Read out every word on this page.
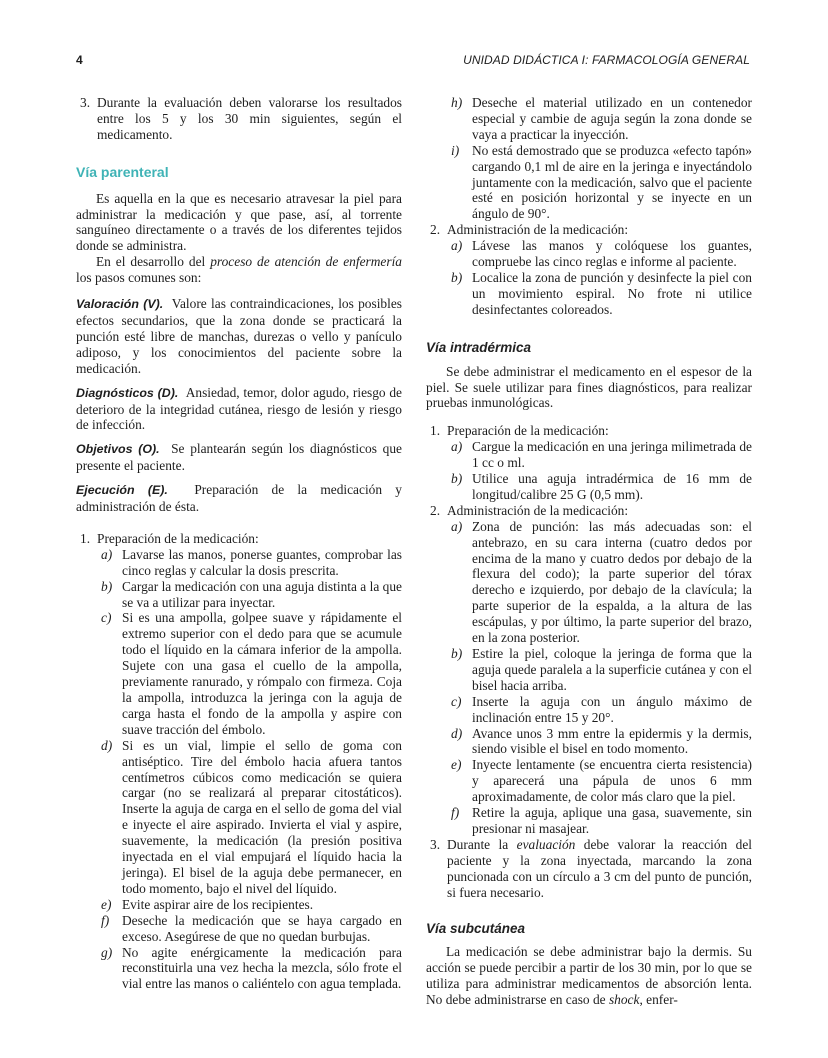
4	UNIDAD DIDÁCTICA I: FARMACOLOGÍA GENERAL
3. Durante la evaluación deben valorarse los resultados entre los 5 y los 30 min siguientes, según el medicamento.
Vía parenteral

Es aquella en la que es necesario atravesar la piel para administrar la medicación y que pase, así, al torrente sanguíneo directamente o a través de los diferentes tejidos donde se administra.

En el desarrollo del proceso de atención de enfermería los pasos comunes son:

Valoración (V). Valore las contraindicaciones, los posibles efectos secundarios, que la zona donde se practicará la punción esté libre de manchas, durezas o vello y panículo adiposo, y los conocimientos del paciente sobre la medicación.

Diagnósticos (D). Ansiedad, temor, dolor agudo, riesgo de deterioro de la integridad cutánea, riesgo de lesión y riesgo de infección.

Objetivos (O). Se plantearán según los diagnósticos que presente el paciente.

Ejecución (E). Preparación de la medicación y administración de ésta.

1. Preparación de la medicación:
a) Lavarse las manos, ponerse guantes, comprobar las cinco reglas y calcular la dosis prescrita.
b) Cargar la medicación con una aguja distinta a la que se va a utilizar para inyectar.
c) Si es una ampolla, golpee suave y rápidamente el extremo superior con el dedo para que se acumule todo el líquido en la cámara inferior de la ampolla. Sujete con una gasa el cuello de la ampolla, previamente ranurado, y rómpalo con firmeza. Coja la ampolla, introduzca la jeringa con la aguja de carga hasta el fondo de la ampolla y aspire con suave tracción del émbolo.
d) Si es un vial, limpie el sello de goma con antiséptico. Tire del émbolo hacia afuera tantos centímetros cúbicos como medicación se quiera cargar (no se realizará al preparar citostáticos). Inserte la aguja de carga en el sello de goma del vial e inyecte el aire aspirado. Invierta el vial y aspire, suavemente, la medicación (la presión positiva inyectada en el vial empujará el líquido hacia la jeringa). El bisel de la aguja debe permanecer, en todo momento, bajo el nivel del líquido.
e) Evite aspirar aire de los recipientes.
f) Deseche la medicación que se haya cargado en exceso. Asegúrese de que no quedan burbujas.
g) No agite enérgicamente la medicación para reconstituirla una vez hecha la mezcla, sólo frote el vial entre las manos o caliéntelo con agua templada.
h) Deseche el material utilizado en un contenedor especial y cambie de aguja según la zona donde se vaya a practicar la inyección.
i) No está demostrado que se produzca «efecto tapón» cargando 0,1 ml de aire en la jeringa e inyectándolo juntamente con la medicación, salvo que el paciente esté en posición horizontal y se inyecte en un ángulo de 90°.
2. Administración de la medicación:
a) Lávese las manos y colóquese los guantes, compruebe las cinco reglas e informe al paciente.
b) Localice la zona de punción y desinfecte la piel con un movimiento espiral. No frote ni utilice desinfectantes coloreados.
Vía intradérmica

Se debe administrar el medicamento en el espesor de la piel. Se suele utilizar para fines diagnósticos, para realizar pruebas inmunológicas.

1. Preparación de la medicación:
a) Cargue la medicación en una jeringa milimetrada de 1 cc o ml.
b) Utilice una aguja intradérmica de 16 mm de longitud/calibre 25 G (0,5 mm).
2. Administración de la medicación:
a) Zona de punción: las más adecuadas son: el antebrazo, en su cara interna (cuatro dedos por encima de la mano y cuatro dedos por debajo de la flexura del codo); la parte superior del tórax derecho e izquierdo, por debajo de la clavícula; la parte superior de la espalda, a la altura de las escápulas, y por último, la parte superior del brazo, en la zona posterior.
b) Estire la piel, coloque la jeringa de forma que la aguja quede paralela a la superficie cutánea y con el bisel hacia arriba.
c) Inserte la aguja con un ángulo máximo de inclinación entre 15 y 20°.
d) Avance unos 3 mm entre la epidermis y la dermis, siendo visible el bisel en todo momento.
e) Inyecte lentamente (se encuentra cierta resistencia) y aparecerá una pápula de unos 6 mm aproximadamente, de color más claro que la piel.
f) Retire la aguja, aplique una gasa, suavemente, sin presionar ni masajear.
3. Durante la evaluación debe valorar la reacción del paciente y la zona inyectada, marcando la zona puncionada con un círculo a 3 cm del punto de punción, si fuera necesario.
Vía subcutánea

La medicación se debe administrar bajo la dermis. Su acción se puede percibir a partir de los 30 min, por lo que se utiliza para administrar medicamentos de absorción lenta. No debe administrarse en caso de shock, enfer-
